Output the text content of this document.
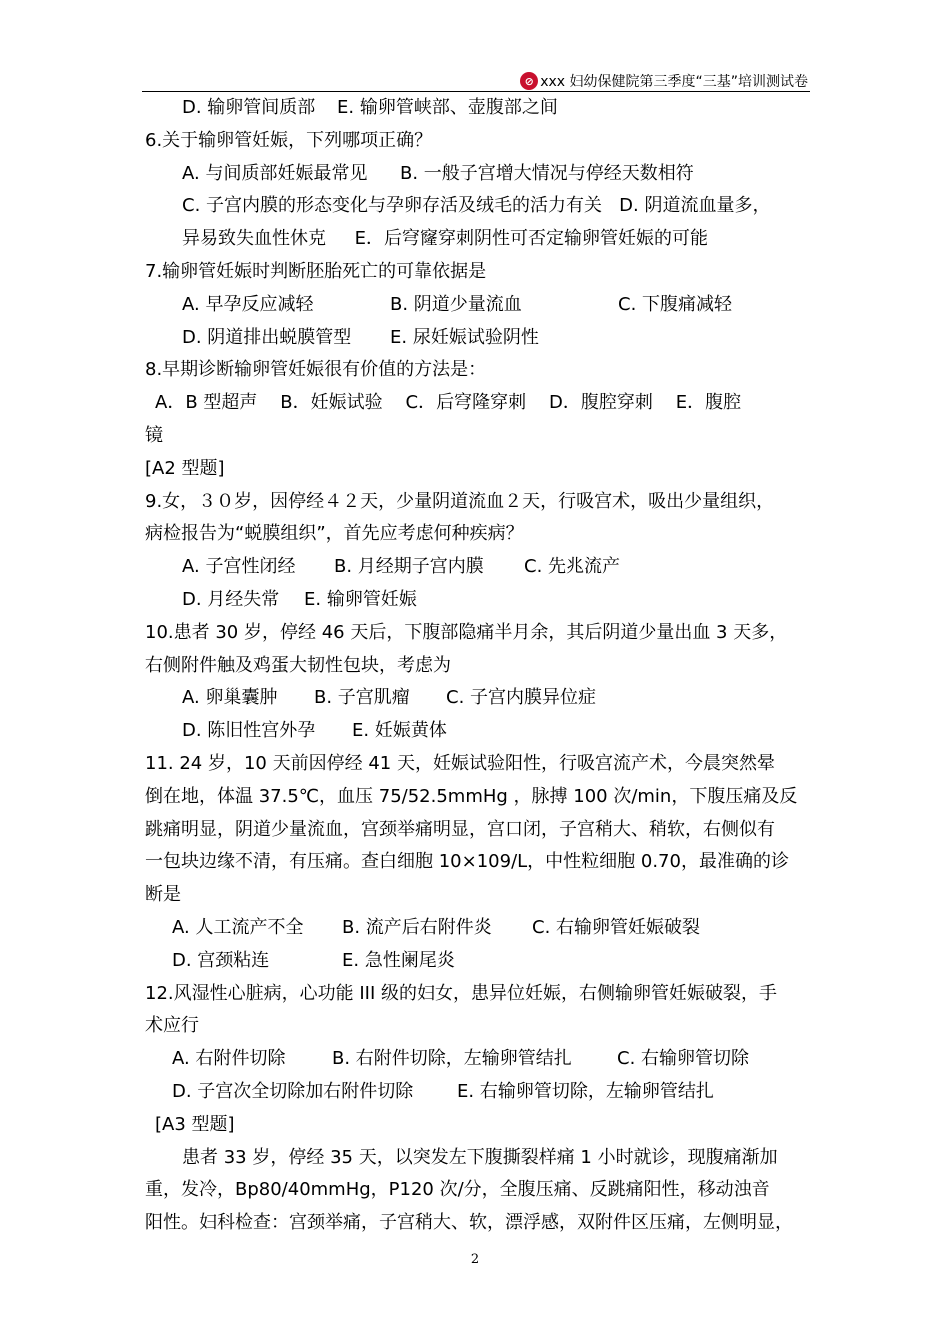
⊘ xxx 妇幼保健院第三季度“三基”培训测试卷
D. 输卵管间质部 E. 输卵管峡部、壶腹部之间
6.关于输卵管妊娠，下列哪项正确？
A. 与间质部妊娠最常见 B. 一般子宫增大情况与停经天数相符
C. 子宫内膜的形态变化与孕卵存活及绒毛的活力有关   D. 阴道流血量多，
异易致失血性休克     E．后穹窿穿刺阴性可否定输卵管妊娠的可能
7.输卵管妊娠时判断胚胎死亡的可靠依据是
A. 早孕反应减轻	B. 阴道少量流血	C. 下腹痛减轻
D. 阴道排出蜕膜管型 E. 尿妊娠试验阴性
8.早期诊断输卵管妊娠很有价值的方法是：
A．B 型超声    B．妊娠试验    C．后穹隆穿刺    D．腹腔穿刺    E．腹腔
镜
[A2 型题]
9.女，３０岁，因停经４２天，少量阴道流血２天，行吸宫术，吸出少量组织，
病检报告为“蜕膜组织”，首先应考虑何种疾病？
A. 子宫性闭经 B. 月经期子宫内膜 C. 先兆流产
D. 月经失常 E. 输卵管妊娠
10.患者 30 岁，停经 46 天后，下腹部隐痛半月余，其后阴道少量出血 3 天多，
右侧附件触及鸡蛋大韧性包块，考虑为
A. 卵巢囊肿 B. 子宫肌瘤 C. 子宫内膜异位症
D. 陈旧性宫外孕 E. 妊娠黄体
11. 24 岁，10 天前因停经 41 天，妊娠试验阳性，行吸宫流产术，今晨突然晕
倒在地，体温 37.5℃，血压 75/52.5mmHg ，脉搏 100 次/min，下腹压痛及反
跳痛明显，阴道少量流血，宫颈举痛明显，宫口闭，子宫稍大、稍软，右侧似有
一包块边缘不清，有压痛。查白细胞 10×109/L，中性粒细胞 0.70，最准确的诊
断是
A. 人工流产不全 B. 流产后右附件炎 C. 右输卵管妊娠破裂
D. 宫颈粘连	E. 急性阑尾炎
12.风湿性心脏病，心功能 III 级的妇女，患异位妊娠，右侧输卵管妊娠破裂，手
术应行
A. 右附件切除	B. 右附件切除，左输卵管结扎	C. 右输卵管切除
D. 子宫次全切除加右附件切除 E. 右输卵管切除，左输卵管结扎
[A3 型题]
患者 33 岁，停经 35 天，以突发左下腹撕裂样痛 1 小时就诊，现腹痛渐加
重，发冷，Bp80/40mmHg，P120 次/分，全腹压痛、反跳痛阳性，移动浊音
阳性。妇科检查：宫颈举痛，子宫稍大、软，漂浮感，双附件区压痛，左侧明显，
2
